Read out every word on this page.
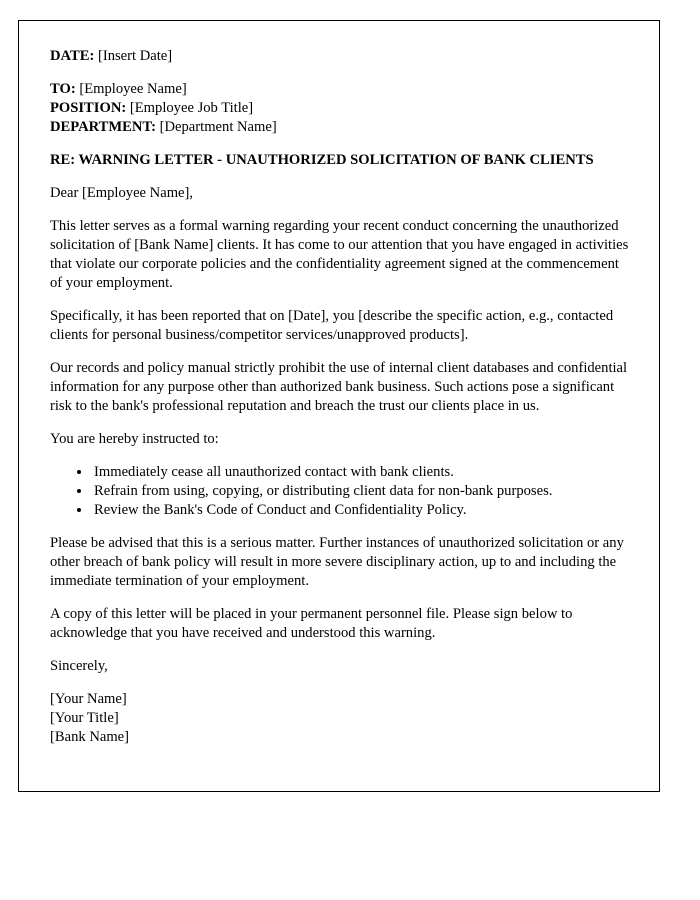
DATE: [Insert Date]

TO: [Employee Name]
POSITION: [Employee Job Title]
DEPARTMENT: [Department Name]

RE: WARNING LETTER - UNAUTHORIZED SOLICITATION OF BANK CLIENTS

Dear [Employee Name],

This letter serves as a formal warning regarding your recent conduct concerning the unauthorized solicitation of [Bank Name] clients. It has come to our attention that you have engaged in activities that violate our corporate policies and the confidentiality agreement signed at the commencement of your employment.

Specifically, it has been reported that on [Date], you [describe the specific action, e.g., contacted clients for personal business/competitor services/unapproved products].

Our records and policy manual strictly prohibit the use of internal client databases and confidential information for any purpose other than authorized bank business. Such actions pose a significant risk to the bank's professional reputation and breach the trust our clients place in us.

You are hereby instructed to:

• Immediately cease all unauthorized contact with bank clients.
• Refrain from using, copying, or distributing client data for non-bank purposes.
• Review the Bank's Code of Conduct and Confidentiality Policy.

Please be advised that this is a serious matter. Further instances of unauthorized solicitation or any other breach of bank policy will result in more severe disciplinary action, up to and including the immediate termination of your employment.

A copy of this letter will be placed in your permanent personnel file. Please sign below to acknowledge that you have received and understood this warning.

Sincerely,

[Your Name]
[Your Title]
[Bank Name]
